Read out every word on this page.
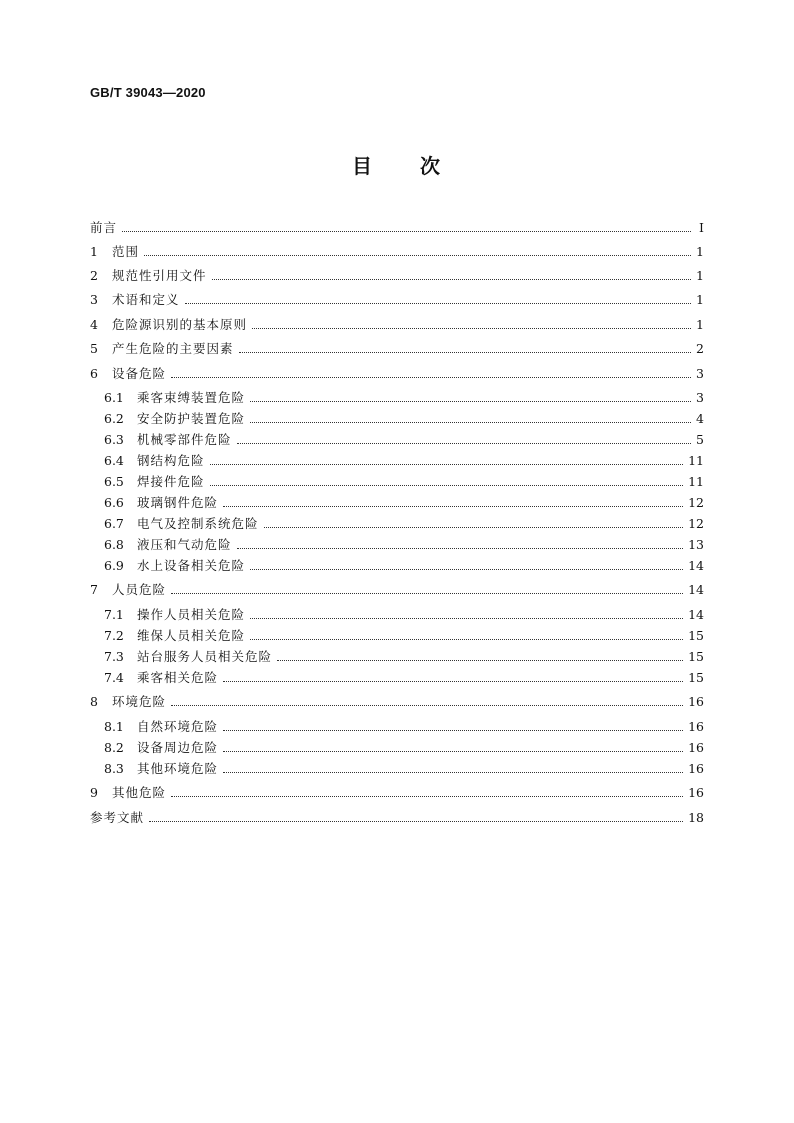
GB/T 39043—2020
目 次
前言	Ⅰ
1	范围	1
2	规范性引用文件	1
3	术语和定义	1
4	危险源识别的基本原则	1
5	产生危险的主要因素	2
6	设备危险	3
6.1	乘客束缚装置危险	3
6.2	安全防护装置危险	4
6.3	机械零部件危险	5
6.4	钢结构危险	11
6.5	焊接件危险	11
6.6	玻璃钢件危险	12
6.7	电气及控制系统危险	12
6.8	液压和气动危险	13
6.9	水上设备相关危险	14
7	人员危险	14
7.1	操作人员相关危险	14
7.2	维保人员相关危险	15
7.3	站台服务人员相关危险	15
7.4	乘客相关危险	15
8	环境危险	16
8.1	自然环境危险	16
8.2	设备周边危险	16
8.3	其他环境危险	16
9	其他危险	16
参考文献	18
